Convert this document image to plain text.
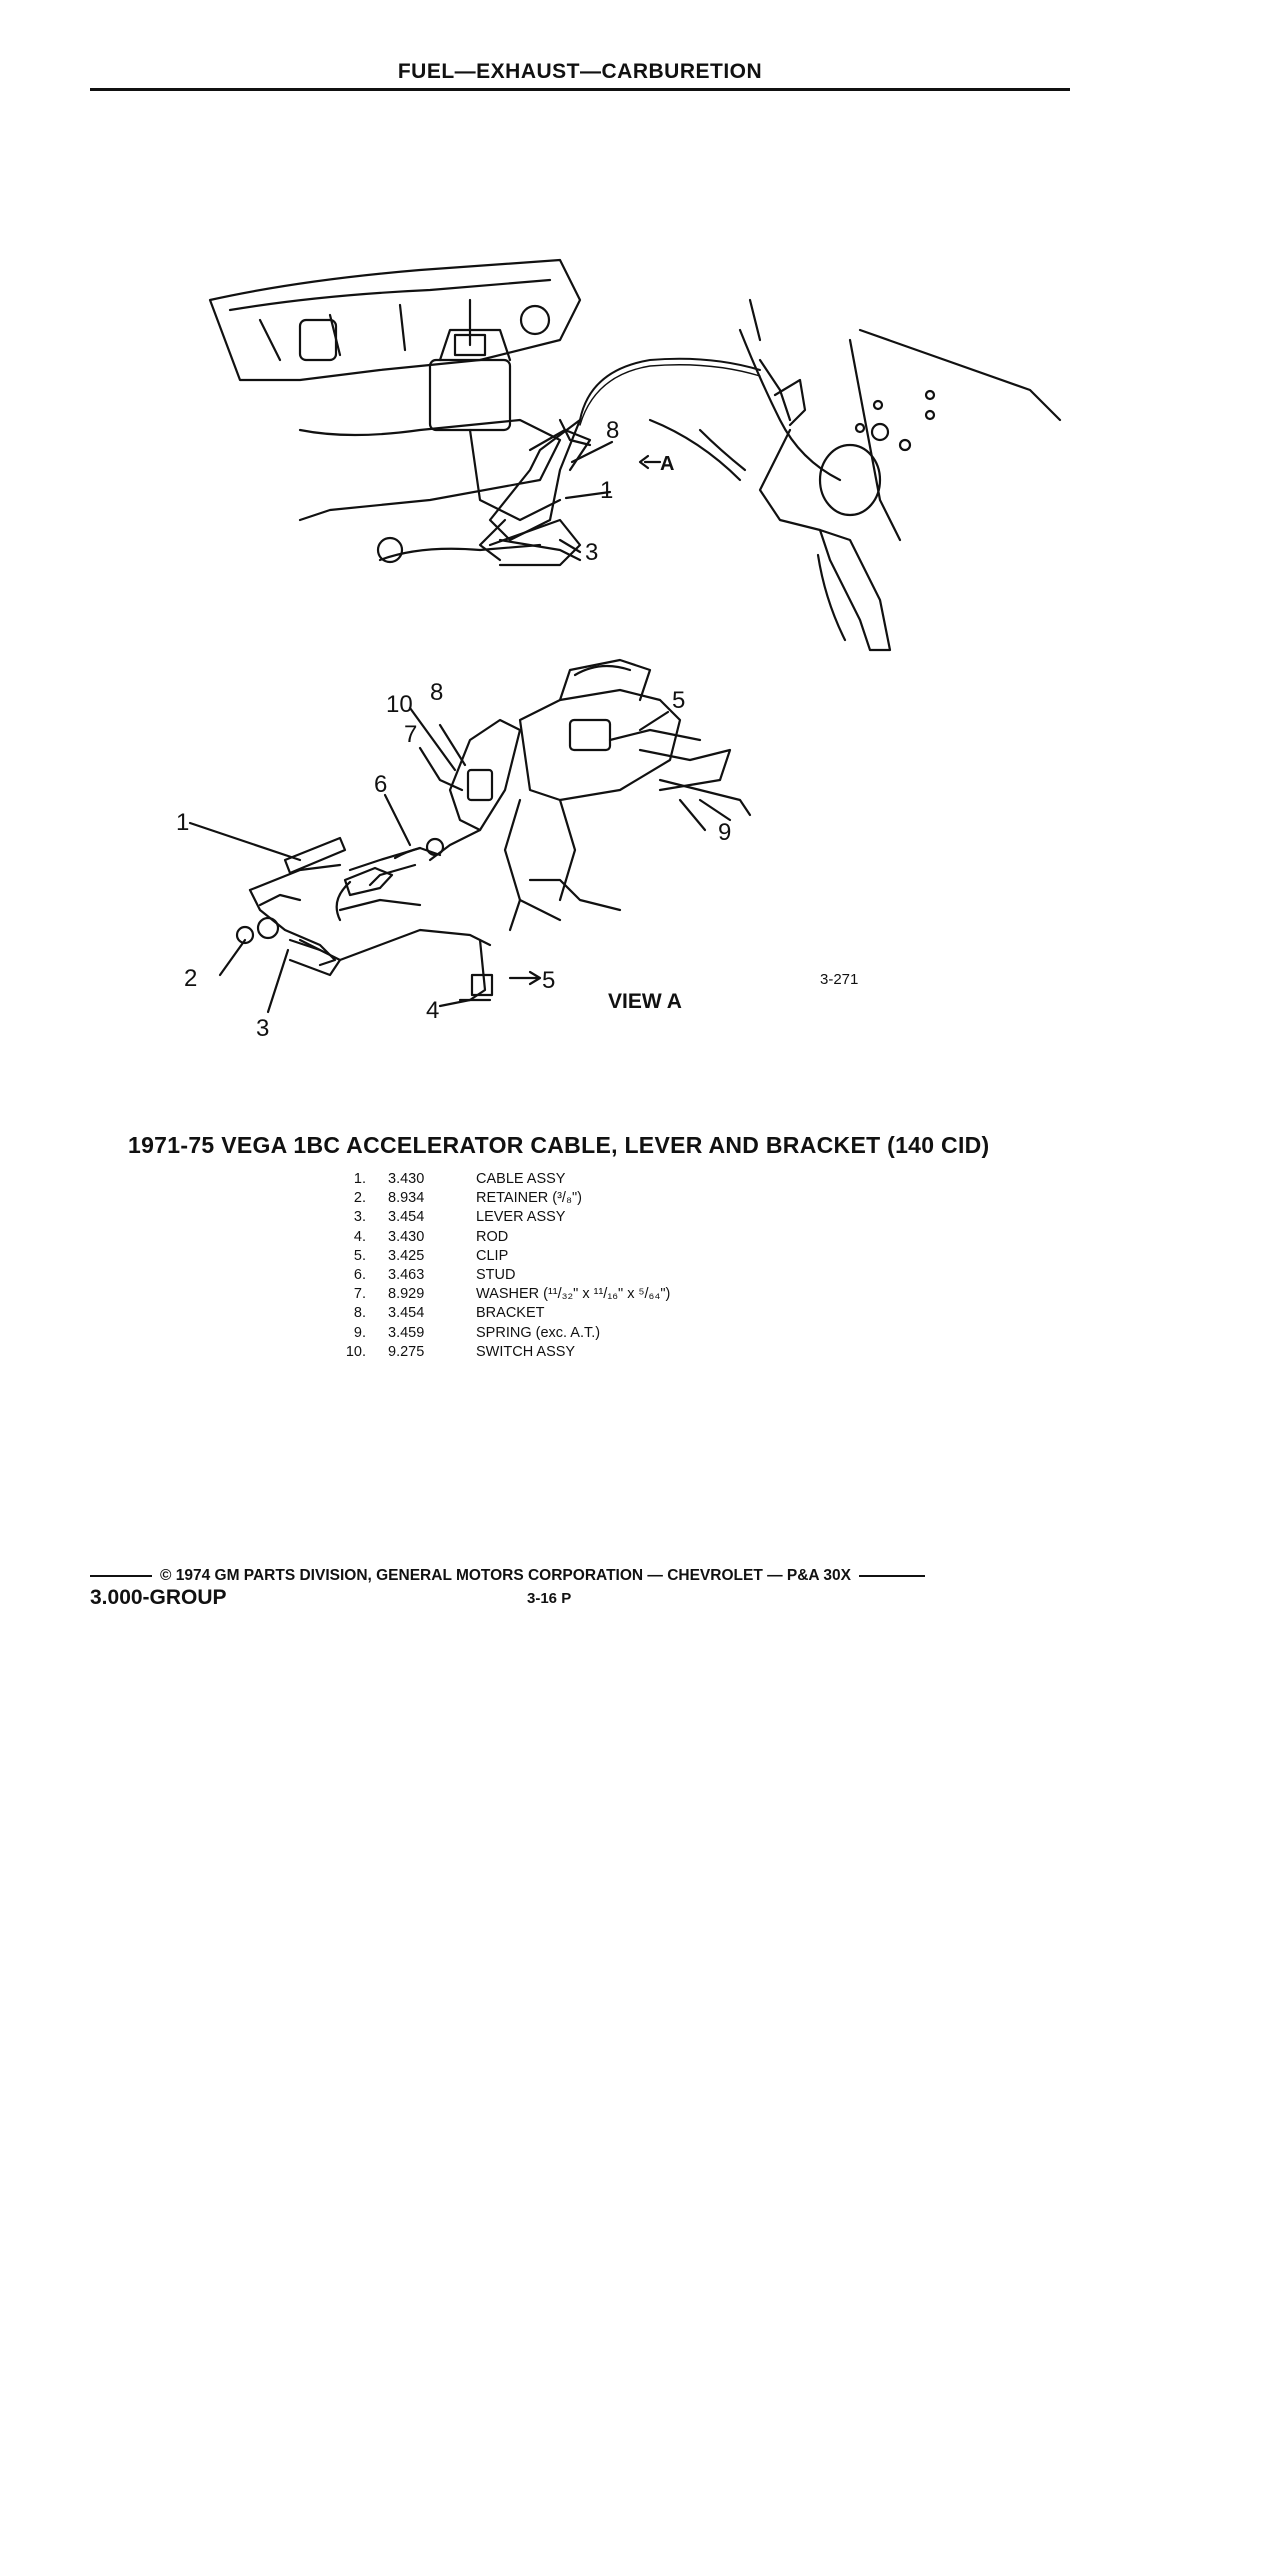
FUEL—EXHAUST—CARBURETION
8
A
1
3
10 8
7
5
6
1	9
2	5
3
4	VIEW A
3-271
1971-75 VEGA 1BC ACCELERATOR CABLE, LEVER AND BRACKET (140 CID)
1.	3.430	CABLE ASSY
2.	8.934	RETAINER (³/₈")
3.	3.454	LEVER ASSY
4.	3.430	ROD
5.	3.425	CLIP
6.	3.463	STUD
7.	8.929	WASHER (¹¹/₃₂" x ¹¹/₁₆" x ⁵/₆₄")
8.	3.454	BRACKET
9.	3.459	SPRING (exc. A.T.)
10.	9.275	SWITCH ASSY
© 1974 GM PARTS DIVISION, GENERAL MOTORS CORPORATION — CHEVROLET — P&A 30X
3.000-GROUP	3-16 P
